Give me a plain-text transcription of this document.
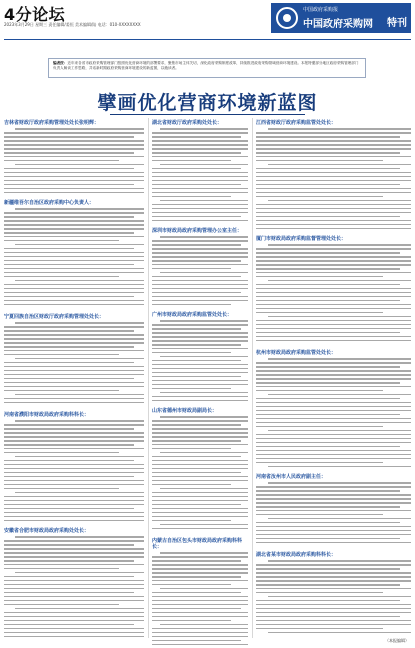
4分论坛
2023年3月29日 星期三 责任编辑/姜恒 美术编辑/陆 电话：010-XXXXXXXX
中国政府采购报
中国政府采购网 特刊

编者按：近年来各省市政府采购管理部门按照优化营商环境的部署要求，聚焦市场主体关切，深化政府采购制度改革，持续推进政府采购领域营商环境建设。本报特邀部分地区政府采购管理部门负责人畅谈工作思路，共话新时期政府采购营商环境建设的新蓝图，以飨读者。

擘画优化营商环境新蓝图
吉林省财政厅政府采购管理处处长张明辉：
新疆维吾尔自治区政府采购中心负责人：
宁夏回族自治区财政厅政府采购管理处处长：
河南省濮阳市财政局政府采购科科长：
安徽省合肥市财政局政府采购处处长：
湖北省财政厅政府采购处处长：
深圳市财政局政府采购管理办公室主任：
广州市财政局政府采购监管处处长：
山东省德州市财政局副局长：
内蒙古自治区包头市财政局政府采购科科长：
江西省财政厅政府采购监管处处长：
厦门市财政局政府采购监督管理处处长：
杭州市财政局政府采购监管处处长：
河南省汝州市人民政府副主任：
湖北省某市财政局政府采购科科长：
（本报编辑）
